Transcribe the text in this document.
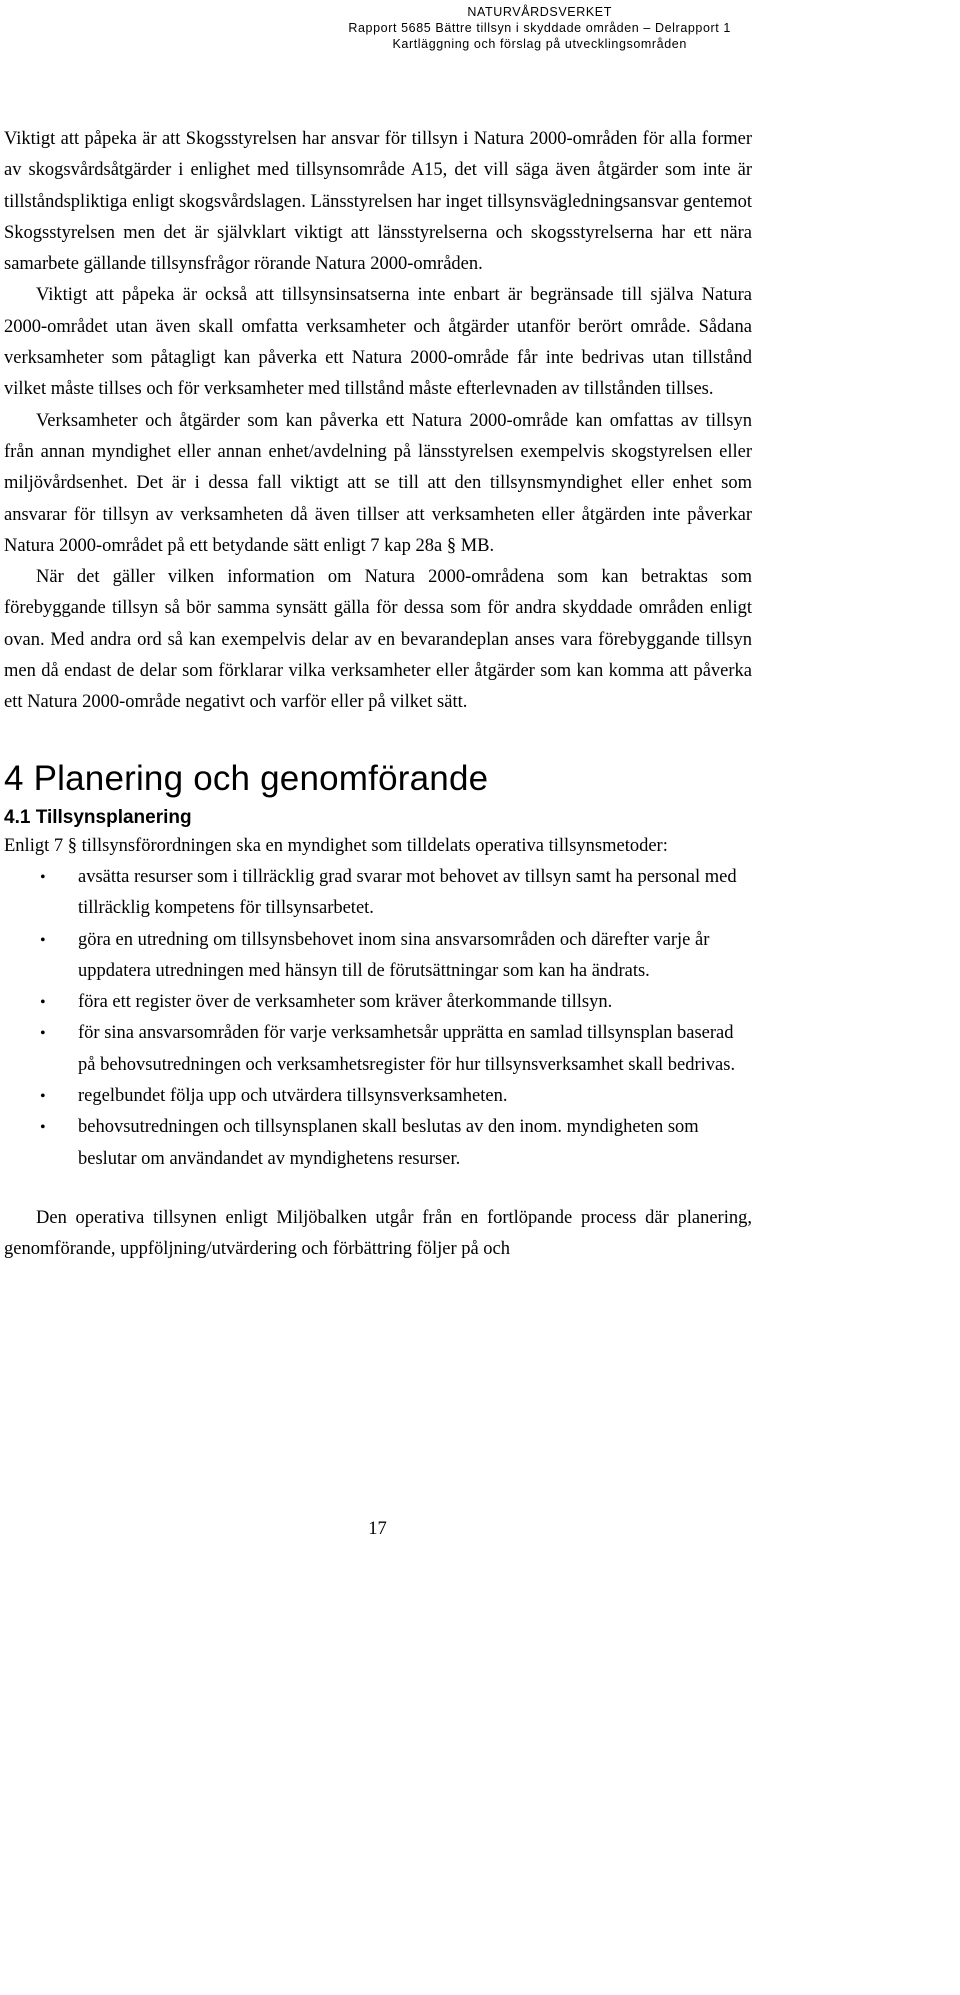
NATURVÅRDSVERKET
Rapport 5685 Bättre tillsyn i skyddade områden – Delrapport 1
Kartläggning och förslag på utvecklingsområden

Viktigt att påpeka är att Skogsstyrelsen har ansvar för tillsyn i Natura 2000-områden för alla former av skogsvårdsåtgärder i enlighet med tillsynsområde A15, det vill säga även åtgärder som inte är tillståndspliktiga enligt skogsvårdslagen. Länsstyrelsen har inget tillsynsvägledningsansvar gentemot Skogsstyrelsen men det är självklart viktigt att länsstyrelserna och skogsstyrelserna har ett nära samarbete gällande tillsynsfrågor rörande Natura 2000-områden.

Viktigt att påpeka är också att tillsynsinsatserna inte enbart är begränsade till själva Natura 2000-området utan även skall omfatta verksamheter och åtgärder utanför berört område. Sådana verksamheter som påtagligt kan påverka ett Natura 2000-område får inte bedrivas utan tillstånd vilket måste tillses och för verksamheter med tillstånd måste efterlevnaden av tillstånden tillses.

Verksamheter och åtgärder som kan påverka ett Natura 2000-område kan omfattas av tillsyn från annan myndighet eller annan enhet/avdelning på länsstyrelsen exempelvis skogstyrelsen eller miljövårdsenhet. Det är i dessa fall viktigt att se till att den tillsynsmyndighet eller enhet som ansvarar för tillsyn av verksamheten då även tillser att verksamheten eller åtgärden inte påverkar Natura 2000-området på ett betydande sätt enligt 7 kap 28a § MB.

När det gäller vilken information om Natura 2000-områdena som kan betraktas som förebyggande tillsyn så bör samma synsätt gälla för dessa som för andra skyddade områden enligt ovan. Med andra ord så kan exempelvis delar av en bevarandeplan anses vara förebyggande tillsyn men då endast de delar som förklarar vilka verksamheter eller åtgärder som kan komma att påverka ett Natura 2000-område negativt och varför eller på vilket sätt.

4 Planering och genomförande
4.1 Tillsynsplanering

Enligt 7 § tillsynsförordningen ska en myndighet som tilldelats operativa tillsynsmetoder:

• avsätta resurser som i tillräcklig grad svarar mot behovet av tillsyn samt ha personal med tillräcklig kompetens för tillsynsarbetet.
• göra en utredning om tillsynsbehovet inom sina ansvarsområden och därefter varje år uppdatera utredningen med hänsyn till de förutsättningar som kan ha ändrats.
• föra ett register över de verksamheter som kräver återkommande tillsyn.
• för sina ansvarsområden för varje verksamhetsår upprätta en samlad tillsynsplan baserad på behovsutredningen och verksamhetsregister för hur tillsynsverksamhet skall bedrivas.
• regelbundet följa upp och utvärdera tillsynsverksamheten.
• behovsutredningen och tillsynsplanen skall beslutas av den inom. myndigheten som beslutar om användandet av myndighetens resurser.

Den operativa tillsynen enligt Miljöbalken utgår från en fortlöpande process där planering, genomförande, uppföljning/utvärdering och förbättring följer på och

17
